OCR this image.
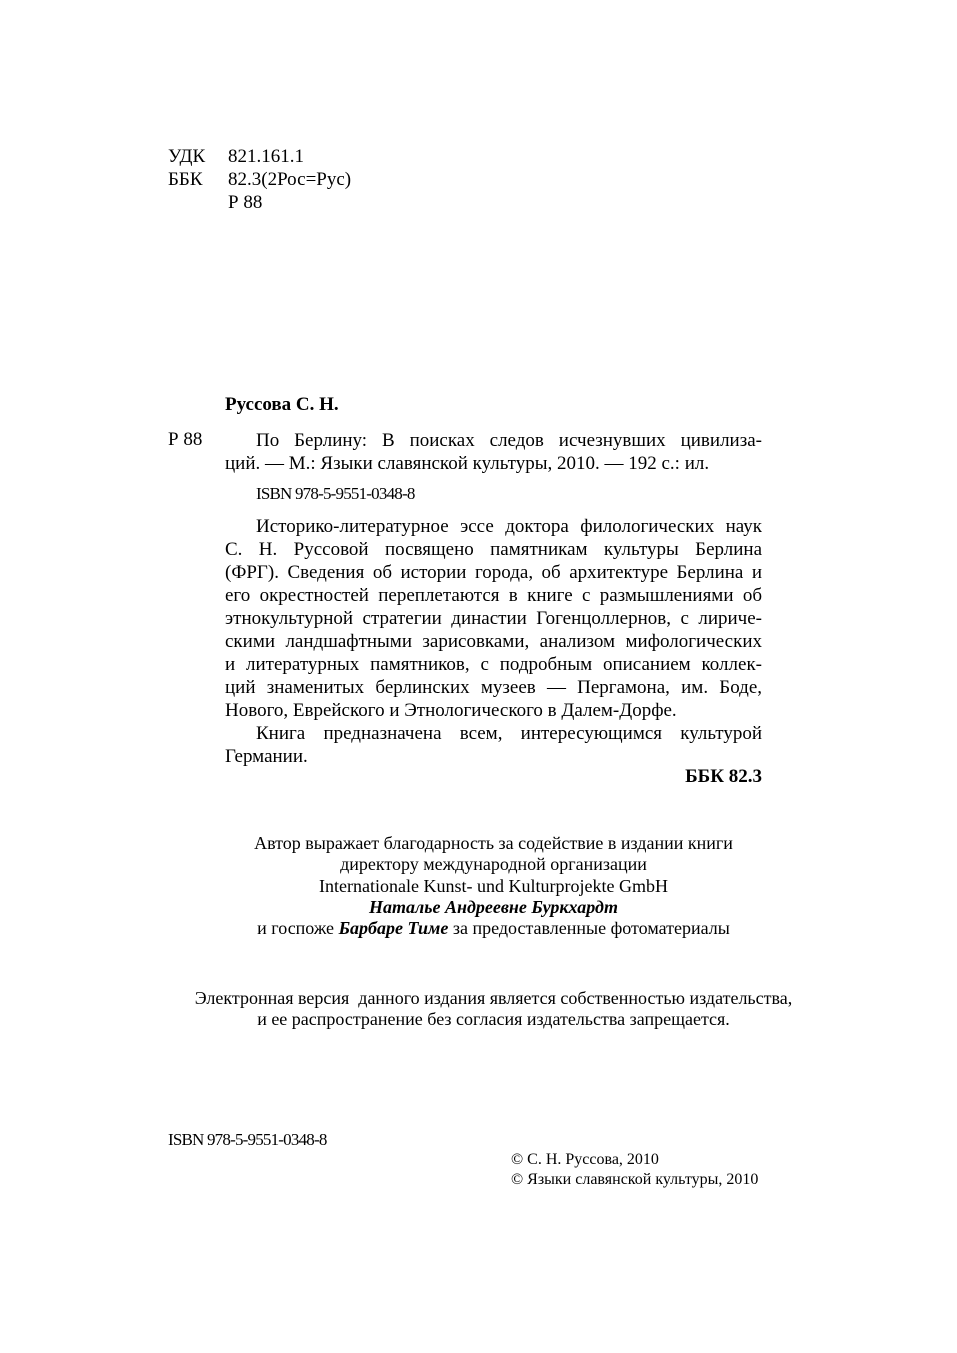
УДК 821.161.1
ББК 82.3(2Рос=Рус)
Р 88
Руссова С. Н.
Р 88	По Берлину: В поисках следов исчезнувших цивилиза-
ций. — М.: Языки славянской культуры, 2010. — 192 с.: ил.
ISBN 978-5-9551-0348-8
Историко-литературное эссе доктора филологических наук
С. Н. Руссовой посвящено памятникам культуры Берлина
(ФРГ). Сведения об истории города, об архитектуре Берлина и
его окрестностей переплетаются в книге с размышлениями об
этнокультурной стратегии династии Гогенцоллернов, с лириче-
скими ландшафтными зарисовками, анализом мифологических
и литературных памятников, с подробным описанием коллек-
ций знаменитых берлинских музеев — Пергамона, им. Боде,
Нового, Еврейского и Этнологического в Далем-Дорфе.
Книга предназначена всем, интересующимся культурой
Германии.
ББК 82.3
Автор выражает благодарность за содействие в издании книги
директору международной организации
Internationale Kunst- und Kulturprojekte GmbH
Наталье Андреевне Буркхардт
и госпоже Барбаре Тиме за предоставленные фотоматериалы
Электронная версия  данного издания является собственностью издательства,
и ее распространение без согласия издательства запрещается.
ISBN 978-5-9551-0348-8
© С. Н. Руссова, 2010
© Языки славянской культуры, 2010
